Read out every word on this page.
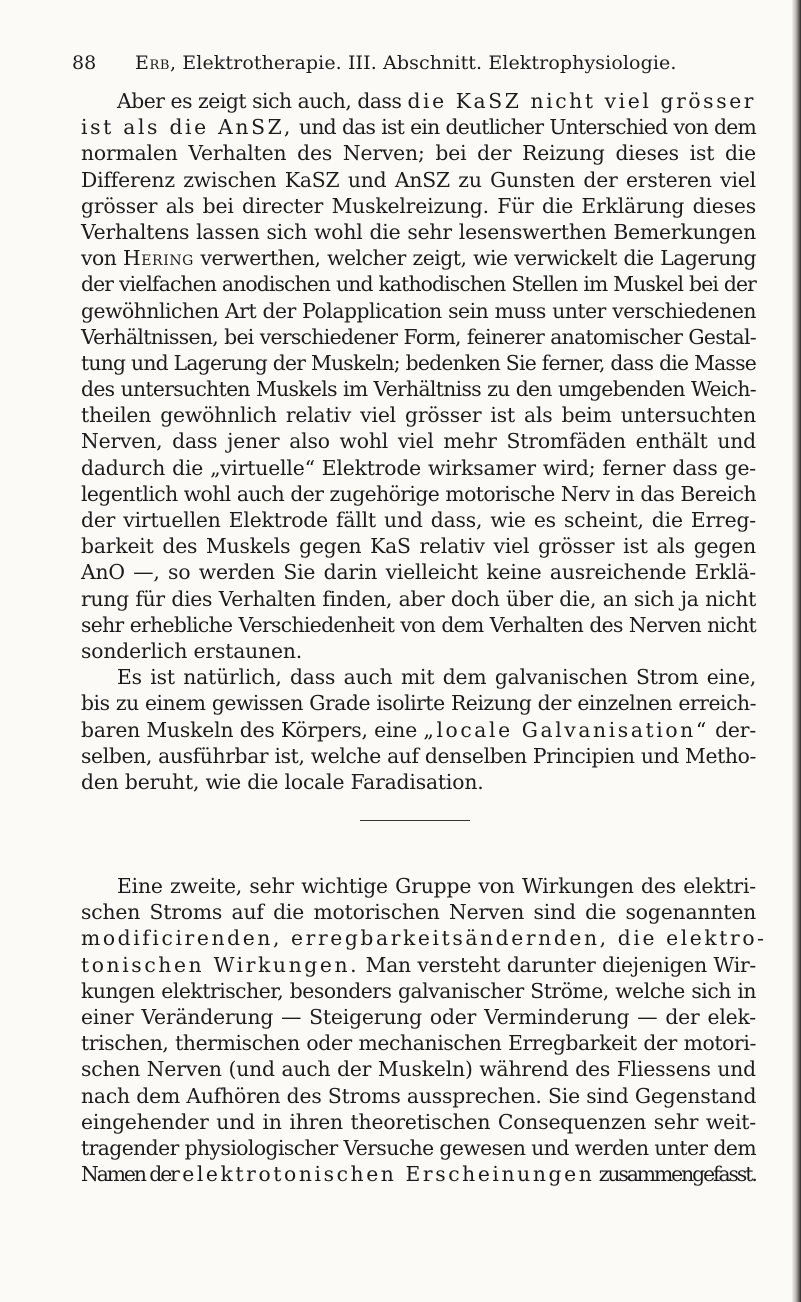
88 Erb, Elektrotherapie. III. Abschnitt. Elektrophysiologie.
Aber es zeigt sich auch, dass die KaSZ nicht viel grösser
ist als die AnSZ, und das ist ein deutlicher Unterschied von dem
normalen Verhalten des Nerven; bei der Reizung dieses ist die
Differenz zwischen KaSZ und AnSZ zu Gunsten der ersteren viel
grösser als bei directer Muskelreizung. Für die Erklärung dieses
Verhaltens lassen sich wohl die sehr lesenswerthen Bemerkungen
von Hering verwerthen, welcher zeigt, wie verwickelt die Lagerung
der vielfachen anodischen und kathodischen Stellen im Muskel bei der
gewöhnlichen Art der Polapplication sein muss unter verschiedenen
Verhältnissen, bei verschiedener Form, feinerer anatomischer Gestal-
tung und Lagerung der Muskeln; bedenken Sie ferner, dass die Masse
des untersuchten Muskels im Verhältniss zu den umgebenden Weich-
theilen gewöhnlich relativ viel grösser ist als beim untersuchten
Nerven, dass jener also wohl viel mehr Stromfäden enthält und
dadurch die „virtuelle“ Elektrode wirksamer wird; ferner dass ge-
legentlich wohl auch der zugehörige motorische Nerv in das Bereich
der virtuellen Elektrode fällt und dass, wie es scheint, die Erreg-
barkeit des Muskels gegen KaS relativ viel grösser ist als gegen
AnO —, so werden Sie darin vielleicht keine ausreichende Erklä-
rung für dies Verhalten finden, aber doch über die, an sich ja nicht
sehr erhebliche Verschiedenheit von dem Verhalten des Nerven nicht
sonderlich erstaunen.
Es ist natürlich, dass auch mit dem galvanischen Strom eine,
bis zu einem gewissen Grade isolirte Reizung der einzelnen erreich-
baren Muskeln des Körpers, eine „locale Galvanisation“ der-
selben, ausführbar ist, welche auf denselben Principien und Metho-
den beruht, wie die locale Faradisation.
Eine zweite, sehr wichtige Gruppe von Wirkungen des elektri-
schen Stroms auf die motorischen Nerven sind die sogenannten
modificirenden, erregbarkeitsändernden, die elektro-
tonischen Wirkungen. Man versteht darunter diejenigen Wir-
kungen elektrischer, besonders galvanischer Ströme, welche sich in
einer Veränderung — Steigerung oder Verminderung — der elek-
trischen, thermischen oder mechanischen Erregbarkeit der motori-
schen Nerven (und auch der Muskeln) während des Fliessens und
nach dem Aufhören des Stroms aussprechen. Sie sind Gegenstand
eingehender und in ihren theoretischen Consequenzen sehr weit-
tragender physiologischer Versuche gewesen und werden unter dem
Namen der elektrotonischen Erscheinungen zusammengefasst.
